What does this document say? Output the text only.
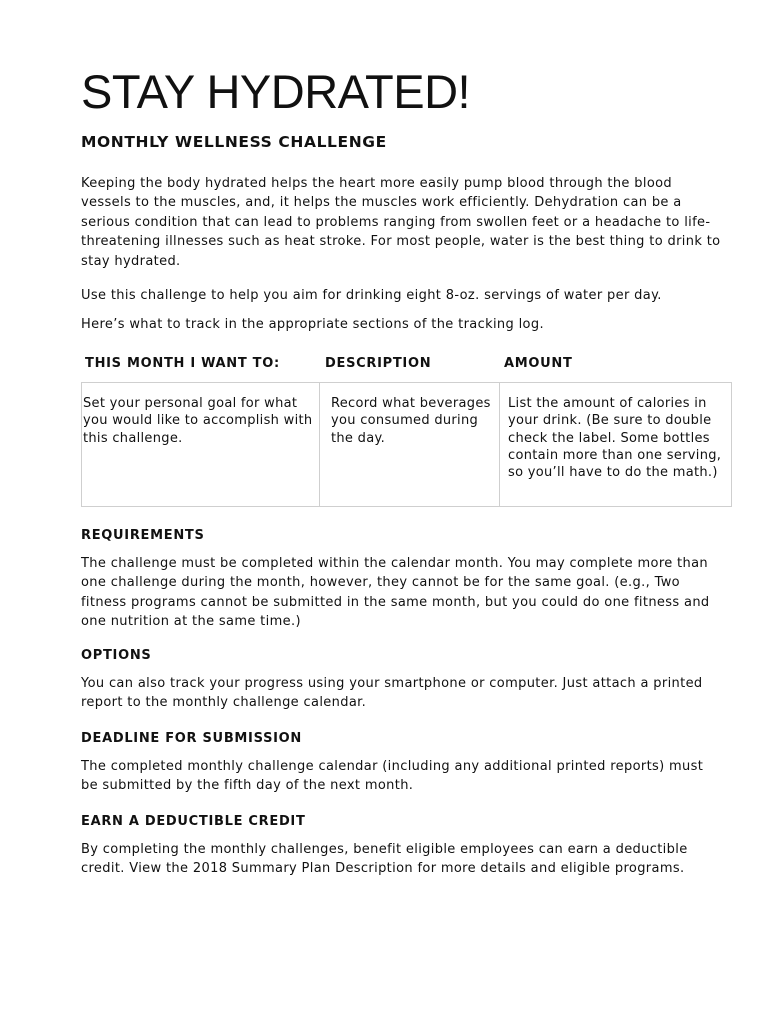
STAY HYDRATED!
MONTHLY WELLNESS CHALLENGE

Keeping the body hydrated helps the heart more easily pump blood through the blood vessels to the muscles, and, it helps the muscles work efficiently. Dehydration can be a serious condition that can lead to problems ranging from swollen feet or a headache to life-threatening illnesses such as heat stroke. For most people, water is the best thing to drink to stay hydrated.

Use this challenge to help you aim for drinking eight 8-oz. servings of water per day.

Here’s what to track in the appropriate sections of the tracking log.

THIS MONTH I WANT TO:	DESCRIPTION	AMOUNT

Set your personal goal for what you would like to accomplish with this challenge.

Record what beverages you consumed during the day.

List the amount of calories in your drink. (Be sure to double check the label. Some bottles contain more than one serving, so you’ll have to do the math.)

REQUIREMENTS

The challenge must be completed within the calendar month. You may complete more than one challenge during the month, however, they cannot be for the same goal. (e.g., Two fitness programs cannot be submitted in the same month, but you could do one fitness and one nutrition at the same time.)

OPTIONS

You can also track your progress using your smartphone or computer. Just attach a printed report to the monthly challenge calendar.

DEADLINE FOR SUBMISSION

The completed monthly challenge calendar (including any additional printed reports) must be submitted by the fifth day of the next month.

EARN A DEDUCTIBLE CREDIT

By completing the monthly challenges, benefit eligible employees can earn a deductible credit. View the 2018 Summary Plan Description for more details and eligible programs.
